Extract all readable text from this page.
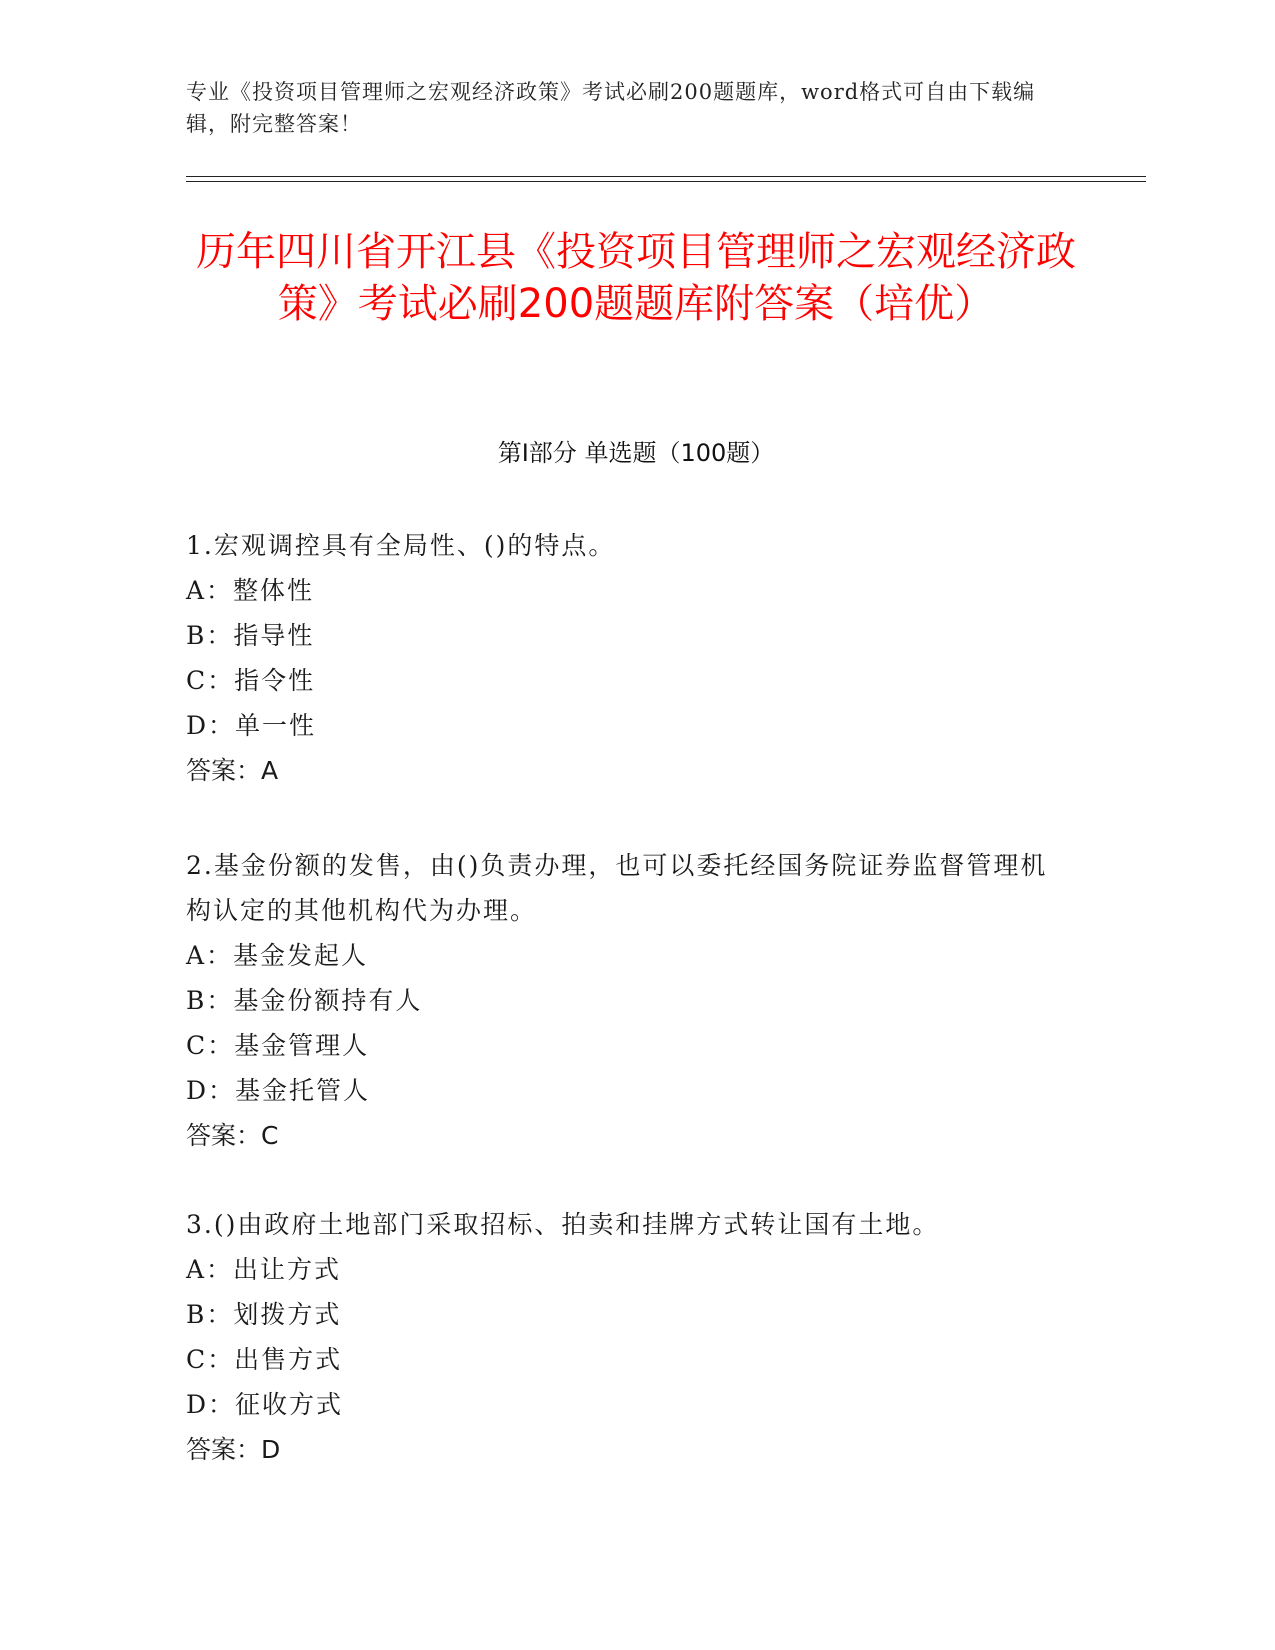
专业《投资项目管理师之宏观经济政策》考试必刷200题题库，word格式可自由下载编辑，附完整答案！
历年四川省开江县《投资项目管理师之宏观经济政策》考试必刷200题题库附答案（培优）
第I部分 单选题（100题）

1.宏观调控具有全局性、()的特点。

A：整体性

B：指导性

C：指令性

D：单一性

答案：A

2.基金份额的发售，由()负责办理，也可以委托经国务院证券监督管理机构认定的其他机构代为办理。

A：基金发起人

B：基金份额持有人

C：基金管理人

D：基金托管人

答案：C

3.()由政府土地部门采取招标、拍卖和挂牌方式转让国有土地。

A：出让方式

B：划拨方式

C：出售方式

D：征收方式

答案：D
